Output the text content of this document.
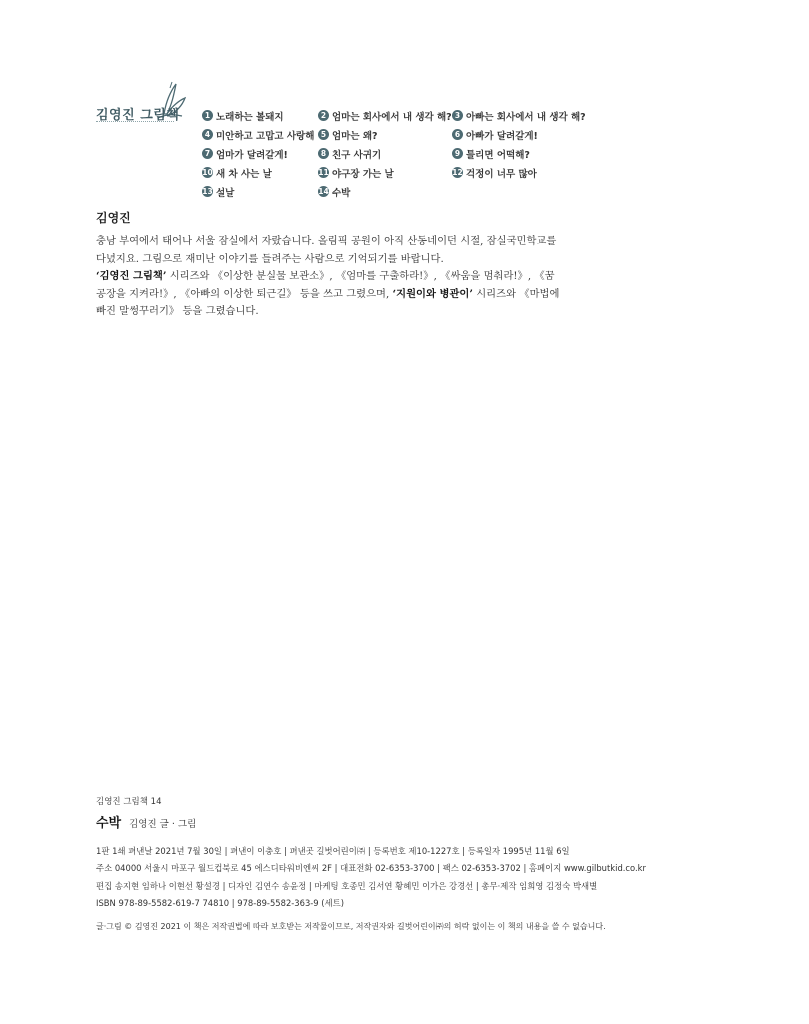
김영진 그림책	1 노래하는 볼돼지	2 엄마는 회사에서 내 생각 해? 3 아빠는 회사에서 내 생각 해?
4 미안하고 고맙고 사랑해 5 엄마는 왜?	6 아빠가 달려갈게!
7 엄마가 달려갈게!	8 친구 사귀기	9 틀리면 어떡해?
10 새 차 사는 날	11 야구장 가는 날	12 걱정이 너무 많아
13 설날	14 수박
김영진

충남 부여에서 태어나 서울 잠실에서 자랐습니다. 올림픽 공원이 아직 산동네이던 시절, 잠실국민학교를

다녔지요. 그림으로 재미난 이야기를 들려주는 사람으로 기억되기를 바랍니다.

‘김영진 그림책’ 시리즈와 《이상한 분실물 보관소》, 《엄마를 구출하라!》, 《싸움을 멈춰라!》, 《꿈 공장을 지켜라!》, 《아빠의 이상한 퇴근길》 등을 쓰고 그렸으며, ‘지원이와 병관이’ 시리즈와 《마법에 빠진 말썽꾸러기》 등을 그렸습니다.

김영진 그림책 14
수박 김영진 글 · 그림
1판 1쇄 펴낸날 2021년 7월 30일 | 펴낸이 이충호 | 펴낸곳 길벗어린이㈜ | 등록번호 제10-1227호 | 등록일자 1995년 11월 6일
주소 04000 서울시 마포구 월드컵북로 45 에스디타워비엔씨 2F | 대표전화 02-6353-3700 | 팩스 02-6353-3702 | 홈페이지 www.gilbutkid.co.kr
편집 송지현 임하나 이현선 황설경 | 디자인 김연수 송윤정 | 마케팅 호종민 김서연 황혜민 이가은 강경선 | 총무·제작 임희영 김정숙 박새별
ISBN 978-89-5582-619-7 74810 | 978-89-5582-363-9 (세트)
글·그림 © 김영진 2021 이 책은 저작권법에 따라 보호받는 저작물이므로, 저작권자와 길벗어린이㈜의 허락 없이는 이 책의 내용을 쓸 수 없습니다.
